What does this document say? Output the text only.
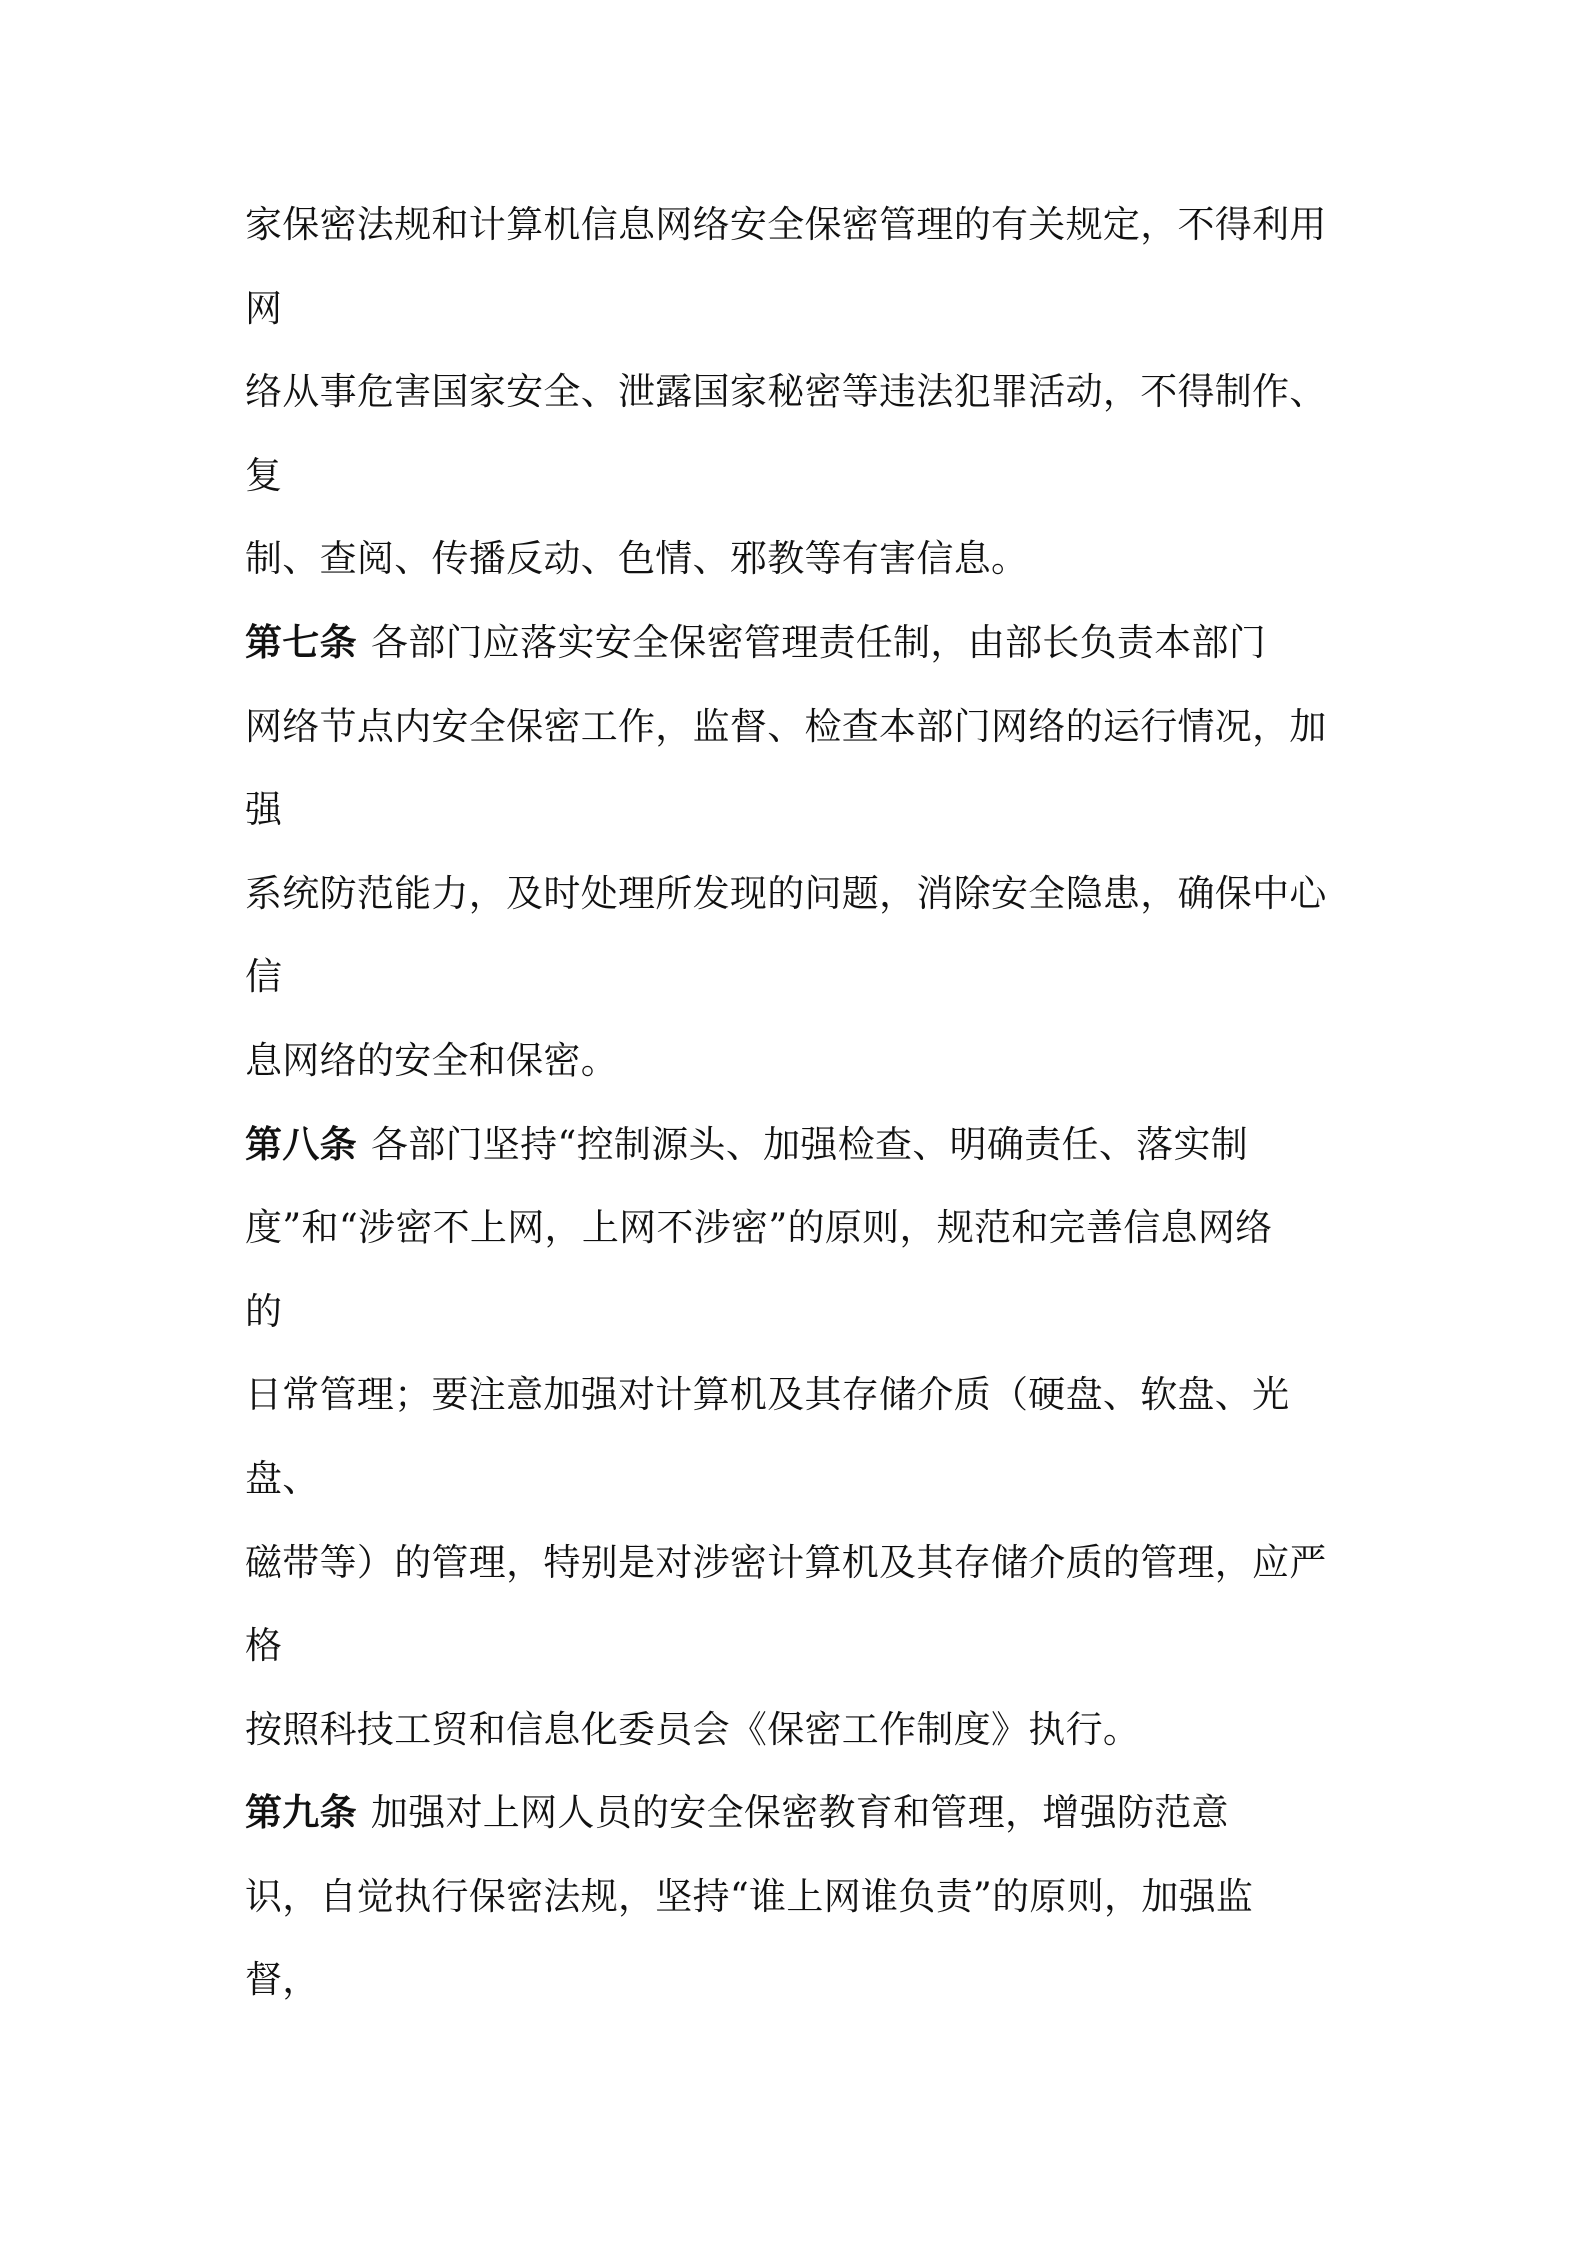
家保密法规和计算机信息网络安全保密管理的有关规定，不得利用
网
络从事危害国家安全、泄露国家秘密等违法犯罪活动，不得制作、
复
制、查阅、传播反动、色情、邪教等有害信息。
第七条 各部门应落实安全保密管理责任制，由部长负责本部门
网络节点内安全保密工作，监督、检查本部门网络的运行情况，加
强
系统防范能力，及时处理所发现的问题，消除安全隐患，确保中心
信
息网络的安全和保密。
第八条 各部门坚持“控制源头、加强检查、明确责任、落实制
度”和“涉密不上网，上网不涉密”的原则，规范和完善信息网络
的
日常管理；要注意加强对计算机及其存储介质（硬盘、软盘、光
盘、
磁带等）的管理，特别是对涉密计算机及其存储介质的管理，应严
格
按照科技工贸和信息化委员会《保密工作制度》执行。
第九条 加强对上网人员的安全保密教育和管理，增强防范意
识，自觉执行保密法规，坚持“谁上网谁负责”的原则，加强监
督，
